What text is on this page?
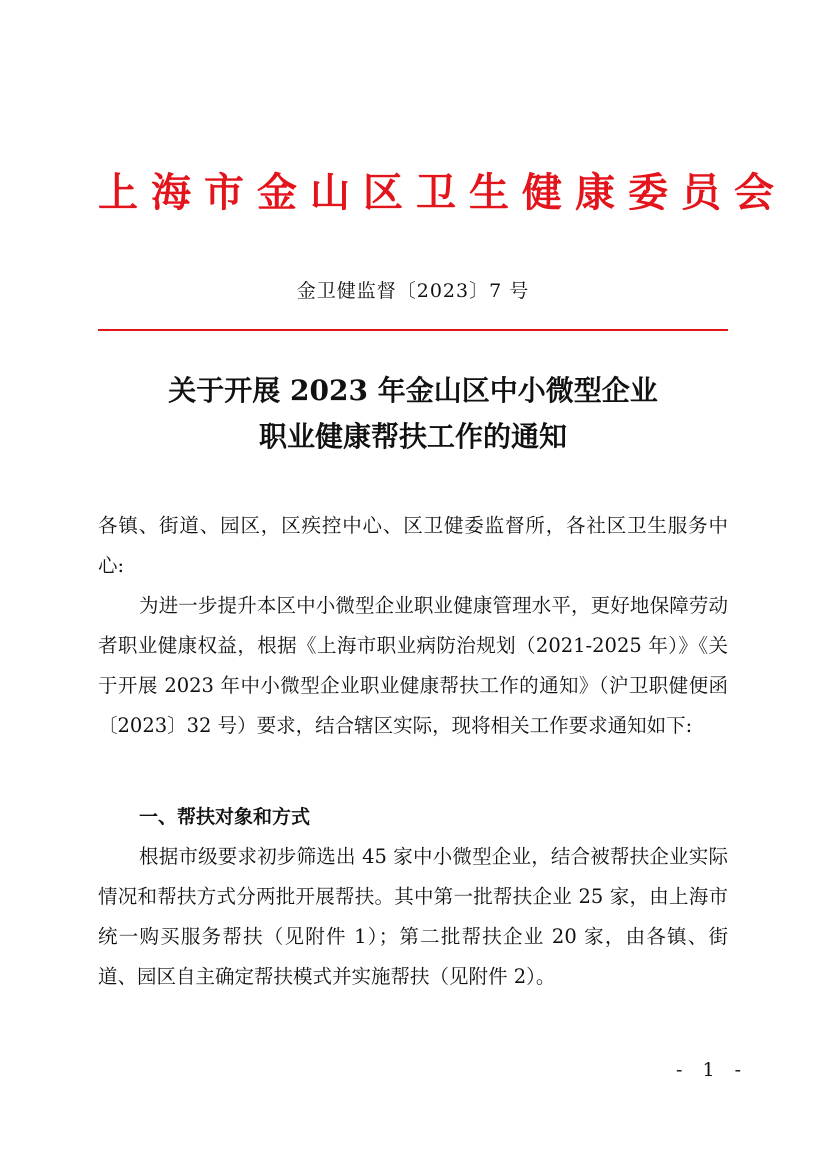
上海市金山区卫生健康委员会
金卫健监督〔2023〕7 号
关于开展 2023 年金山区中小微型企业
职业健康帮扶工作的通知
各镇、街道、园区，区疾控中心、区卫健委监督所，各社区卫生服务中心:
为进一步提升本区中小微型企业职业健康管理水平，更好地保障劳动者职业健康权益，根据《上海市职业病防治规划（2021-2025 年）》《关于开展 2023 年中小微型企业职业健康帮扶工作的通知》（沪卫职健便函〔2023〕32 号）要求，结合辖区实际，现将相关工作要求通知如下:
一、帮扶对象和方式
根据市级要求初步筛选出 45 家中小微型企业，结合被帮扶企业实际情况和帮扶方式分两批开展帮扶。其中第一批帮扶企业 25 家，由上海市统一购买服务帮扶（见附件 1）；第二批帮扶企业 20 家，由各镇、街道、园区自主确定帮扶模式并实施帮扶（见附件 2）。
- 1 -
